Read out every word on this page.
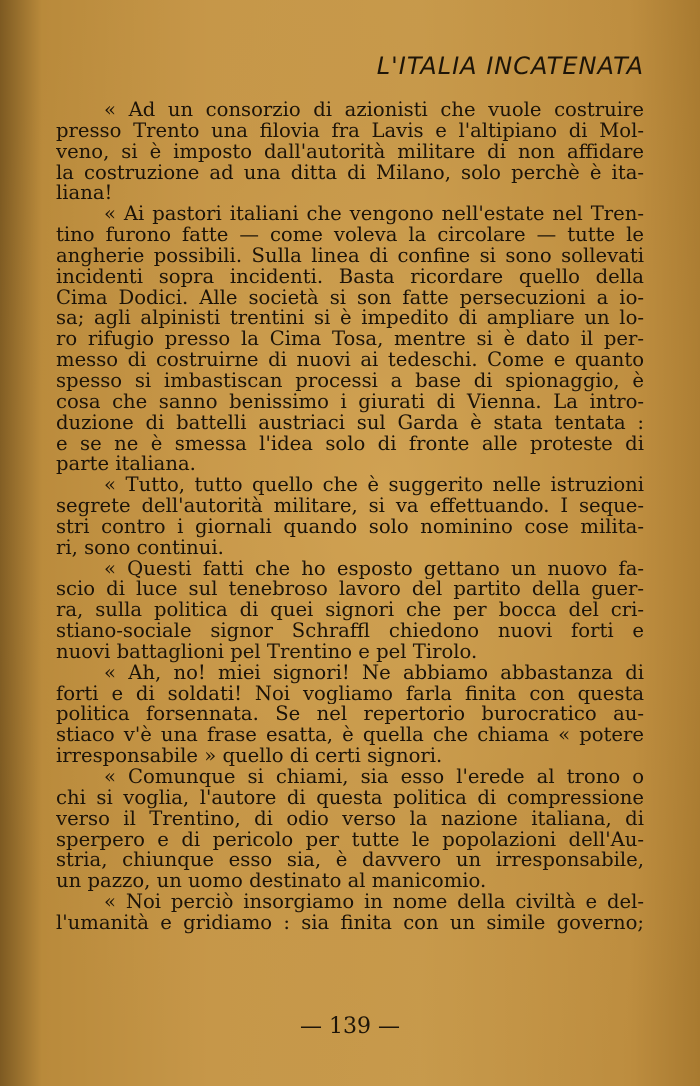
L'ITALIA INCATENATA
« Ad un consorzio di azionisti che vuole costruire
presso Trento una filovia fra Lavis e l'altipiano di Mol-
veno, si è imposto dall'autorità militare di non affidare
la costruzione ad una ditta di Milano, solo perchè è ita-
liana!
« Ai pastori italiani che vengono nell'estate nel Tren-
tino furono fatte — come voleva la circolare — tutte le
angherie possibili. Sulla linea di confine si sono sollevati
incidenti sopra incidenti. Basta ricordare quello della
Cima Dodici. Alle società si son fatte persecuzioni a io-
sa; agli alpinisti trentini si è impedito di ampliare un lo-
ro rifugio presso la Cima Tosa, mentre si è dato il per-
messo di costruirne di nuovi ai tedeschi. Come e quanto
spesso si imbastiscan processi a base di spionaggio, è
cosa che sanno benissimo i giurati di Vienna. La intro-
duzione di battelli austriaci sul Garda è stata tentata :
e se ne è smessa l'idea solo di fronte alle proteste di
parte italiana.
« Tutto, tutto quello che è suggerito nelle istruzioni
segrete dell'autorità militare, si va effettuando. I seque-
stri contro i giornali quando solo nominino cose milita-
ri, sono continui.
« Questi fatti che ho esposto gettano un nuovo fa-
scio di luce sul tenebroso lavoro del partito della guer-
ra, sulla politica di quei signori che per bocca del cri-
stiano-sociale signor Schraffl chiedono nuovi forti e
nuovi battaglioni pel Trentino e pel Tirolo.
« Ah, no! miei signori! Ne abbiamo abbastanza di
forti e di soldati! Noi vogliamo farla finita con questa
politica forsennata. Se nel repertorio burocratico au-
stiaco v'è una frase esatta, è quella che chiama « potere
irresponsabile » quello di certi signori.
« Comunque si chiami, sia esso l'erede al trono o
chi si voglia, l'autore di questa politica di compressione
verso il Trentino, di odio verso la nazione italiana, di
sperpero e di pericolo per tutte le popolazioni dell'Au-
stria, chiunque esso sia, è davvero un irresponsabile,
un pazzo, un uomo destinato al manicomio.
« Noi perciò insorgiamo in nome della civiltà e del-
l'umanità e gridiamo : sia finita con un simile governo;
— 139 —
